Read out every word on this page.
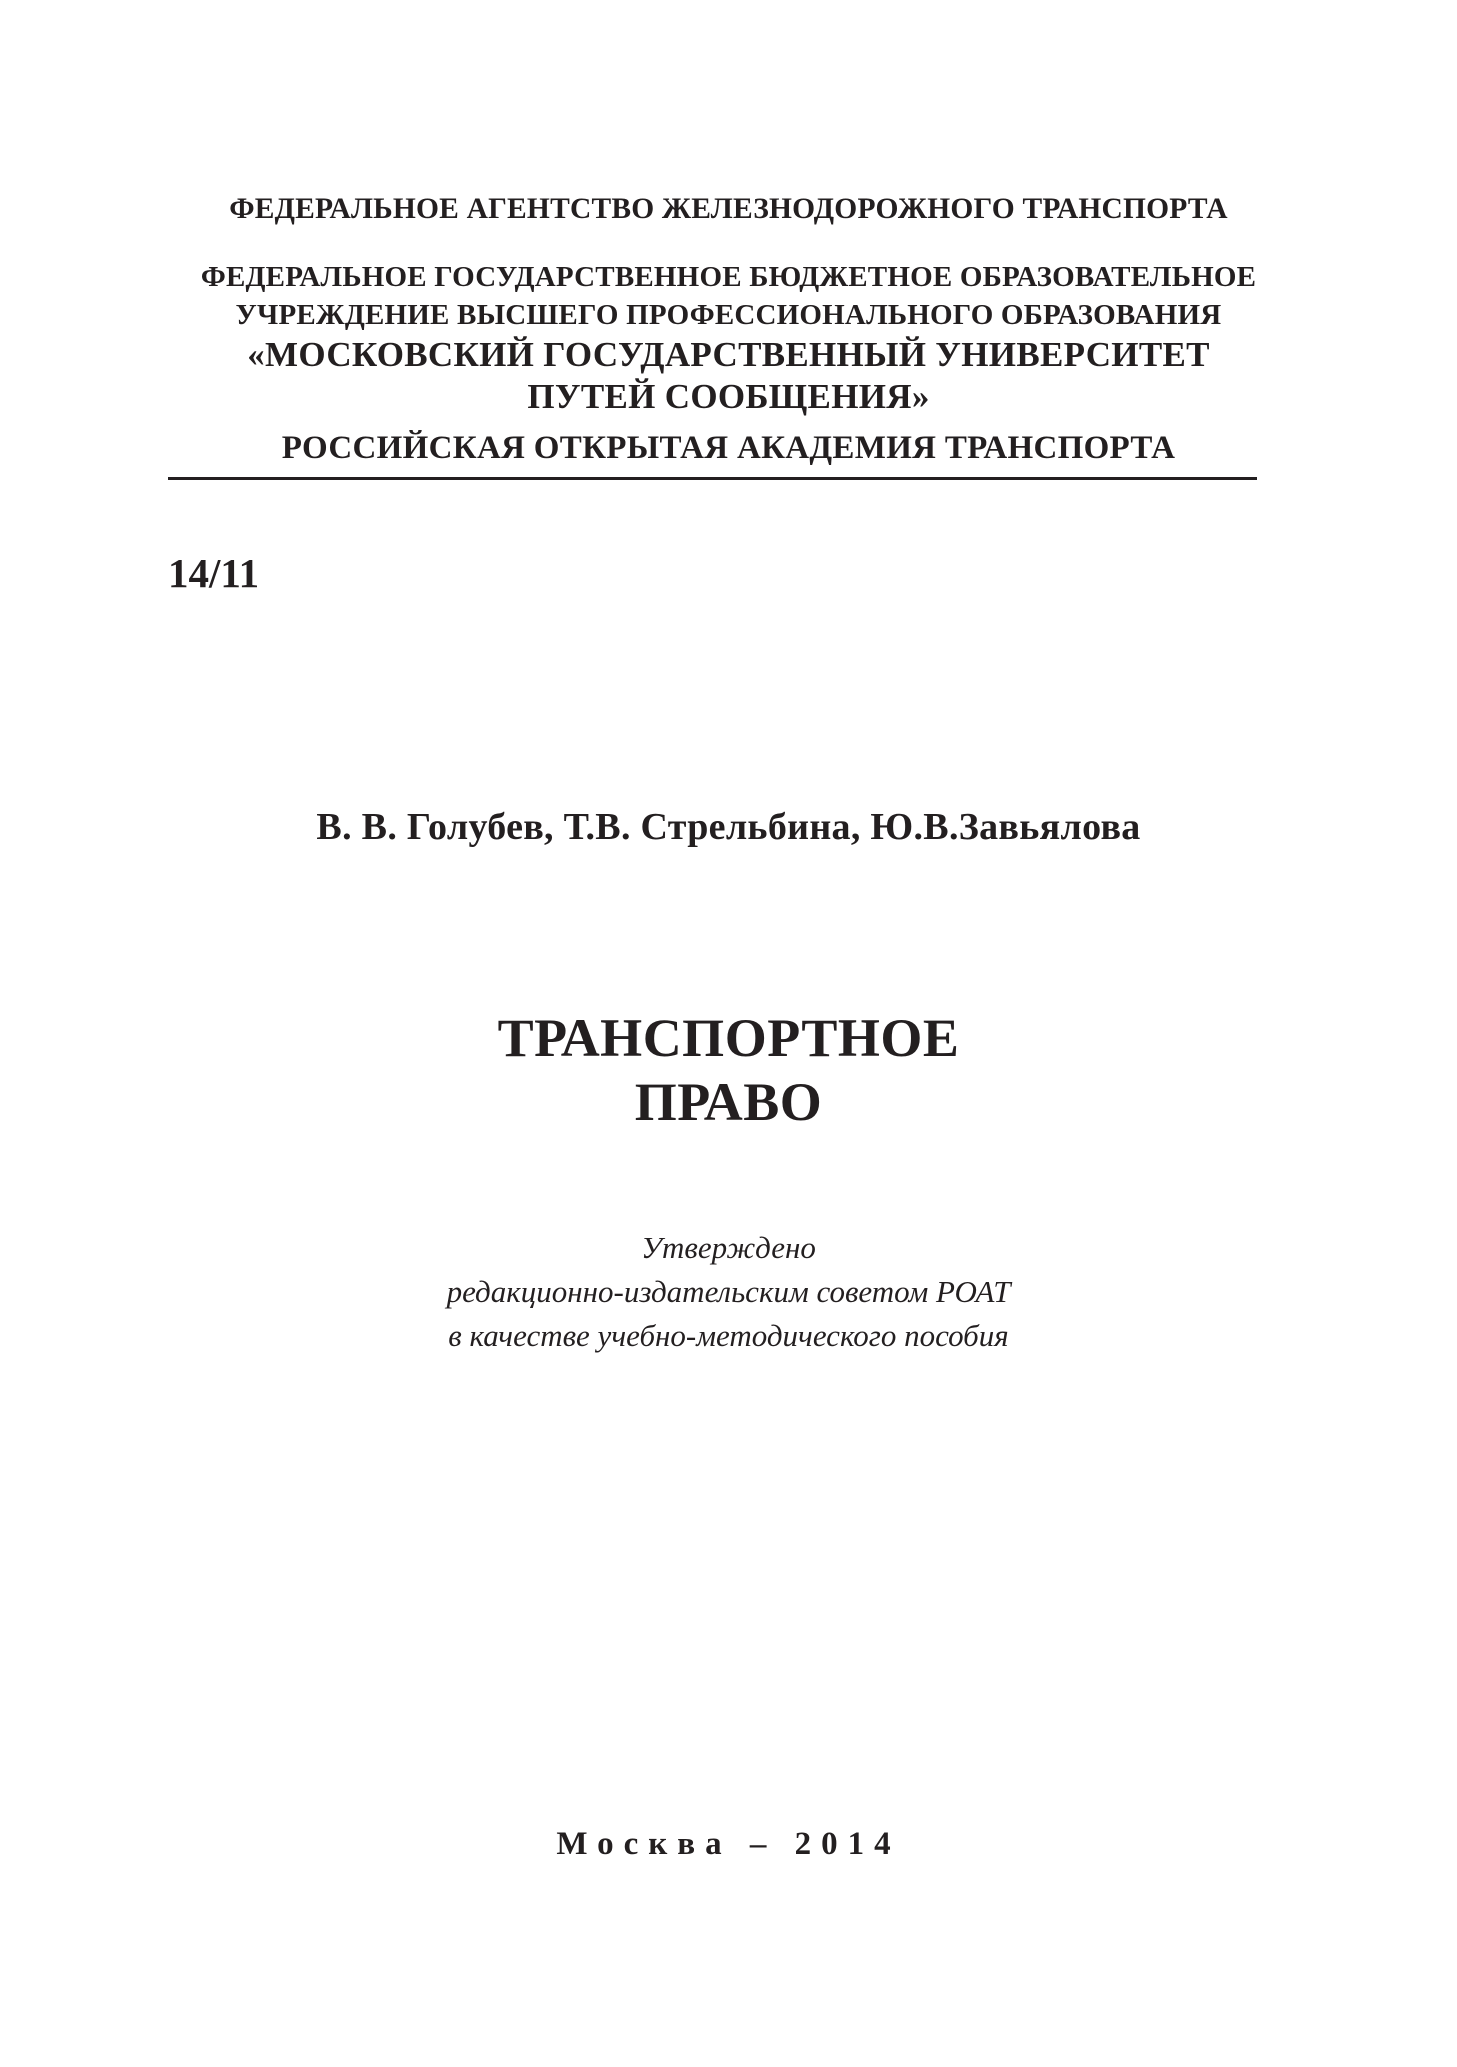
ФЕДЕРАЛЬНОЕ АГЕНТСТВО ЖЕЛЕЗНОДОРОЖНОГО ТРАНСПОРТА
ФЕДЕРАЛЬНОЕ ГОСУДАРСТВЕННОЕ БЮДЖЕТНОЕ ОБРАЗОВАТЕЛЬНОЕ
УЧРЕЖДЕНИЕ ВЫСШЕГО ПРОФЕССИОНАЛЬНОГО ОБРАЗОВАНИЯ
«МОСКОВСКИЙ ГОСУДАРСТВЕННЫЙ УНИВЕРСИТЕТ
ПУТЕЙ СООБЩЕНИЯ»
РОССИЙСКАЯ ОТКРЫТАЯ АКАДЕМИЯ ТРАНСПОРТА
14/11
В. В. Голубев, Т.В. Стрельбина, Ю.В.Завьялова
ТРАНСПОРТНОЕ
ПРАВО
Утверждено
редакционно-издательским советом РОАТ
в качестве учебно-методического пособия
Москва – 2014
